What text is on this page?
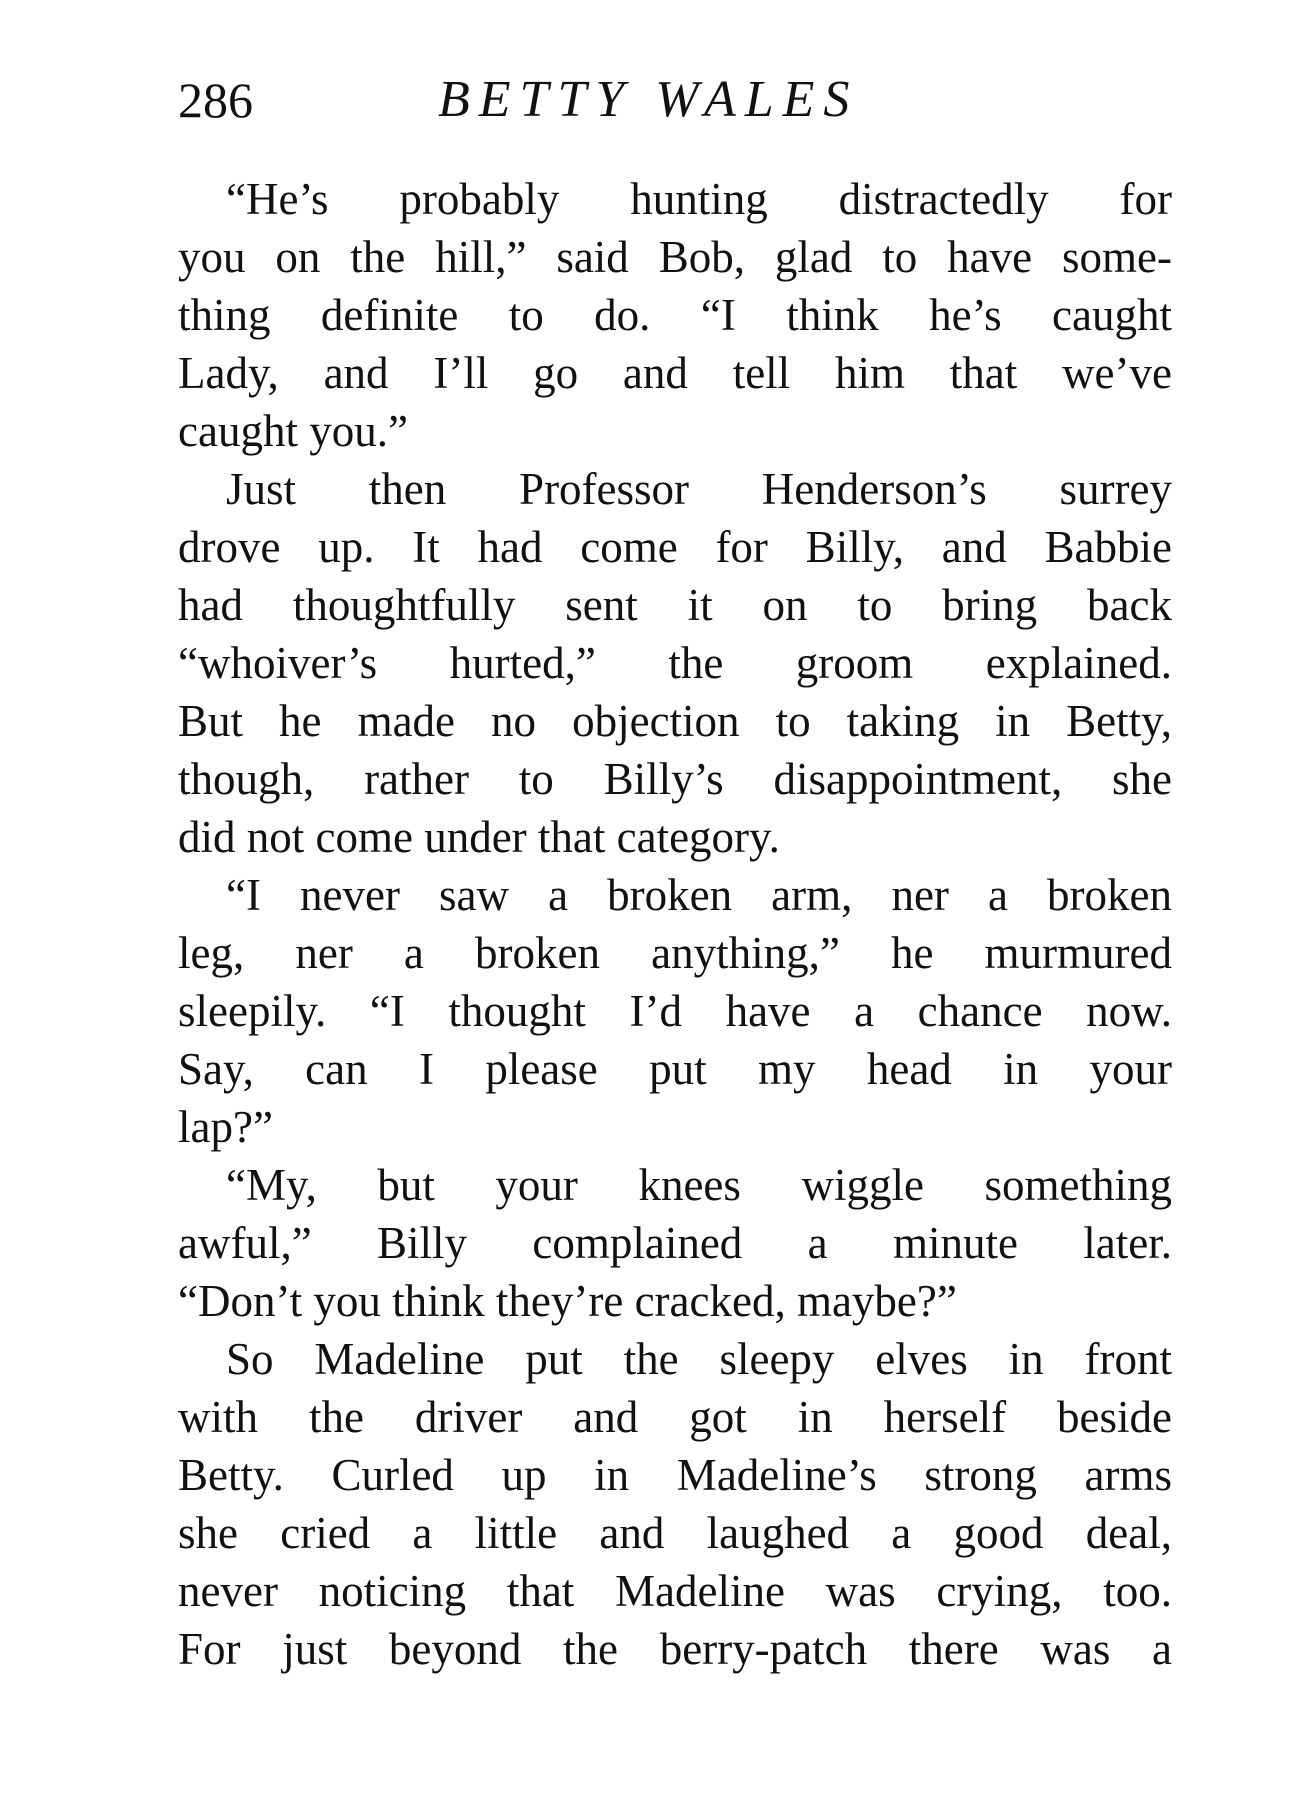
286	BETTY WALES
“He’s probably hunting distractedly for
you on the hill,” said Bob, glad to have some-
thing definite to do. “I think he’s caught
Lady, and I’ll go and tell him that we’ve
caught you.”
Just then Professor Henderson’s surrey
drove up. It had come for Billy, and Babbie
had thoughtfully sent it on to bring back
“whoiver’s hurted,” the groom explained.
But he made no objection to taking in Betty,
though, rather to Billy’s disappointment, she
did not come under that category.
“I never saw a broken arm, ner a broken
leg, ner a broken anything,” he murmured
sleepily. “I thought I’d have a chance now.
Say, can I please put my head in your
lap?”
“My, but your knees wiggle something
awful,” Billy complained a minute later.
“Don’t you think they’re cracked, maybe?”
So Madeline put the sleepy elves in front
with the driver and got in herself beside
Betty. Curled up in Madeline’s strong arms
she cried a little and laughed a good deal,
never noticing that Madeline was crying, too.
For just beyond the berry-patch there was a
